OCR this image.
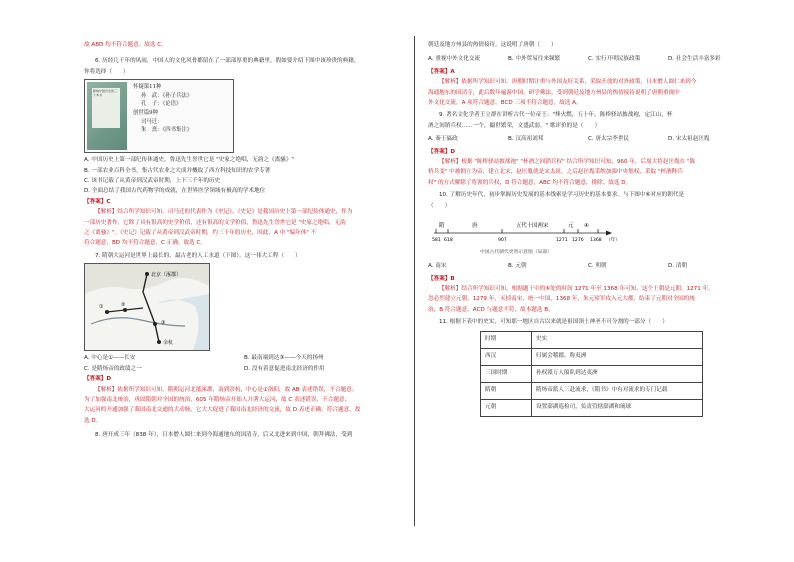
故 ABD 均不符合题意。故选 C。

6. 历经几千年的风雨，中国人的文化风骨都留在了一部部厚重的典籍里。假如要介绍下图中该珍贵的典籍，

你将选择（　　）

影响中国历史的三十本书
怀疑第11种
孙　武：《孙子兵法》
孔　子：《论语》
创世篇9种
司马迁：
朱　熹：《四书集注》

A. 中国历史上第一部纪传体通史，鲁迅先生誉世它是 "史家之绝唱，无韵之《离骚》"

B. 一部农业百科全书，集古代农业之大成并概取了西方科技知识的农学专著

C. 该书记载了从黄帝到汉武帝时期，上下三千年的历史

D. 全面总结了我国古代药物学的成就，在世界医学领域有极高的学术地位

【答案】C

【解析】结合所学知识可知，司马迁的代表作为《史记》，《史记》是我国历史上第一部纪传体通史，作为
一部历史著作，它除了具有很高的史学价值，还有很高的文学价值，鲁迅先生誉世它是 "史家之绝唱，无韵
之《离骚》"。《史记》记载了从黄帝到汉武帝时期，约三千年的历史，因此，A 中 "编年体" 不
符合题意，BD 均不符合题意，C 正确。故选 C。

7. 隋朝大运河是世界上最长的、最古老的人工水道（下图）。这一伟大工程（　　）

北京（涿郡）
①	②
③
余杭
A. 中心是①——长安	B. 最南端到达③——今天的扬州
C. 是隋炀帝的政绩之一	D. 没有着意促进南北经济的作用

【答案】D

【解析】依据所学知识可知，隋朝运河北抵涿郡，南到余杭，中心是①洛阳，故 AB 表述错误，不合题意；
为了加强南北统治，巩固隋朝对全国的统治，605 年隋炀帝开始人开凿大运河，故 C 表述错误，不合题意；
大运河的开通加强了我国南北交通的大动脉，它大大促进了我国南北经济的交流，故 D 表述正确，符合题意。故
选 D。

8. 唐开成三年（838 年），日本僧人圆仁来到今海通地东的国清寺，后又北进来到中国，朝拜佛法，受到

朝廷及地方州县的热情接待。这说明了唐朝（　　）

A. 重视中外文化交流	B. 中外贸易往来频繁	C. 实行开明民族政策	D. 社会生活丰富多彩

【答案】A

【解析】依据所学知识可知，唐朝时期注重与外国友好关系，采取开放的对外政策，日本僧人圆仁来到今
海通地东的国清寺，此后数年遍游中国，研学佛法，受到朝廷及地方州县的热情接待说明了唐朝重视中
外文化交流，A 项符合题意，BCD 三项不符合题意。故选 A。

9. 著名文化学者王立群在讲析古代一位帝王："烽火燃，五十年，陈桥驿站披战袍，定江山，杯
酒之间销兵权……一个，撮世繁荣，文盛武弱。" 歌评价的是（　　）

A. 秦王嬴政	B. 汉高祖刘邦	C. 唐太宗李世民	D. 宋太祖赵匡胤

【答案】D

【解析】根据 "陈桥驿站披战袍" "杯酒之间销兵权" 结合所学知识可知，960 年，后周大将赵匡胤在 "陈
桥兵变" 中被拥立为帝，建立北宋，赵匡胤就是宋太祖，之后赵匡胤采纳加强中央集权，采取 "杯酒释兵
权" 的方式解除了将领的兵权，D 符合题意，ABC 均不符合题意，排除。故选 D。

10. 了解历史年代，初步掌握历史发展的基本线索是学习历史的基本要求。与下图中⑥对应的朝代是
（　　）

隋	唐	五代十国两宋	元 ④
581 618	907	1271 1276 1368 （年）
中国古代朝代更替示意图（局部）
A. 南宋	B. 元朝	C. 明朝	D. 清朝

【答案】B

【解析】结合所学知识可知，根据题干中的⑥处的时间 1271 年至 1368 年可知，这个王朝是元朝。1271 年，
忽必烈建立元朝，1279 年，灭掉南宋，统一中国，1368 年，朱元璋军攻入元大都，结束了元朝对全国的统
治，B 符合题意，ACD 与题意不符，故本题选 B。

11. 根据下表中的史实，可知那一地区自古以来就是祖国领土神圣不可分割的一部分（　　）

时期	史实
西汉	归属会稽郡，称夷洲
三国时期	孙权派万人船队到达夷洲
隋朝	隋炀帝派人三赴流求，《隋书》中有对流求的专门记载
元朝	设置澎湖巡检司，负责管辖澎湖和琉球
